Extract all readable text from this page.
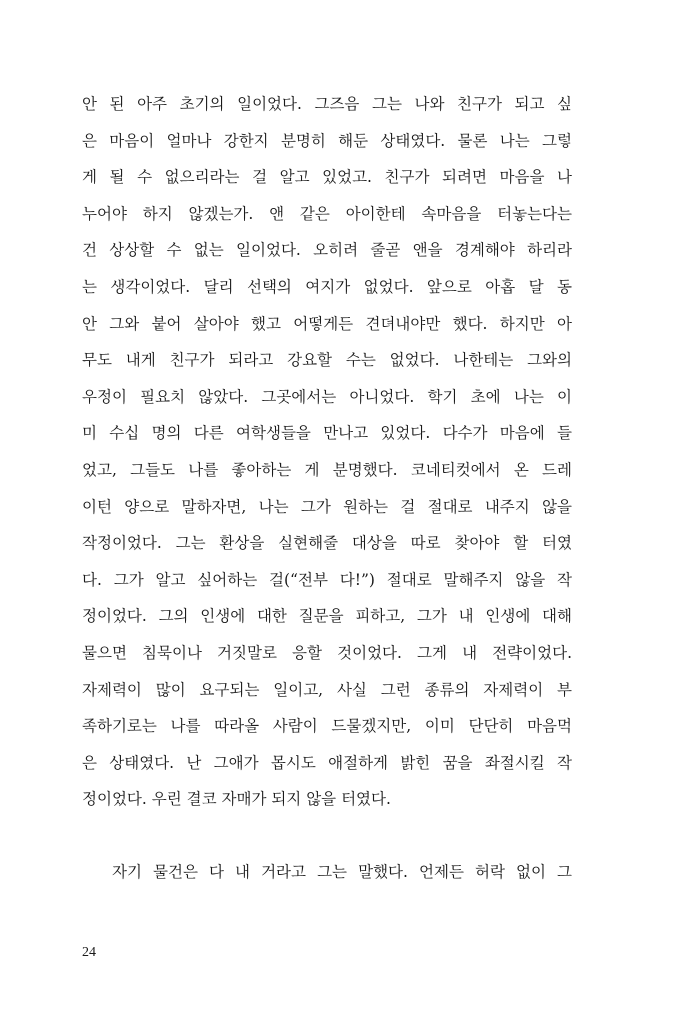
안 된 아주 초기의 일이었다. 그즈음 그는 나와 친구가 되고 싶
은 마음이 얼마나 강한지 분명히 해둔 상태였다. 물론 나는 그렇
게 될 수 없으리라는 걸 알고 있었고. 친구가 되려면 마음을 나
누어야 하지 않겠는가. 앤 같은 아이한테 속마음을 터놓는다는
건 상상할 수 없는 일이었다. 오히려 줄곧 앤을 경계해야 하리라
는 생각이었다. 달리 선택의 여지가 없었다. 앞으로 아홉 달 동
안 그와 붙어 살아야 했고 어떻게든 견뎌내야만 했다. 하지만 아
무도 내게 친구가 되라고 강요할 수는 없었다. 나한테는 그와의
우정이 필요치 않았다. 그곳에서는 아니었다. 학기 초에 나는 이
미 수십 명의 다른 여학생들을 만나고 있었다. 다수가 마음에 들
었고, 그들도 나를 좋아하는 게 분명했다. 코네티컷에서 온 드레
이턴 양으로 말하자면, 나는 그가 원하는 걸 절대로 내주지 않을
작정이었다. 그는 환상을 실현해줄 대상을 따로 찾아야 할 터였
다. 그가 알고 싶어하는 걸(“전부 다!”) 절대로 말해주지 않을 작
정이었다. 그의 인생에 대한 질문을 피하고, 그가 내 인생에 대해
물으면 침묵이나 거짓말로 응할 것이었다. 그게 내 전략이었다.
자제력이 많이 요구되는 일이고, 사실 그런 종류의 자제력이 부
족하기로는 나를 따라올 사람이 드물겠지만, 이미 단단히 마음먹
은 상태였다. 난 그애가 몹시도 애절하게 밝힌 꿈을 좌절시킬 작
정이었다. 우린 결코 자매가 되지 않을 터였다.
자기 물건은 다 내 거라고 그는 말했다. 언제든 허락 없이 그
24
